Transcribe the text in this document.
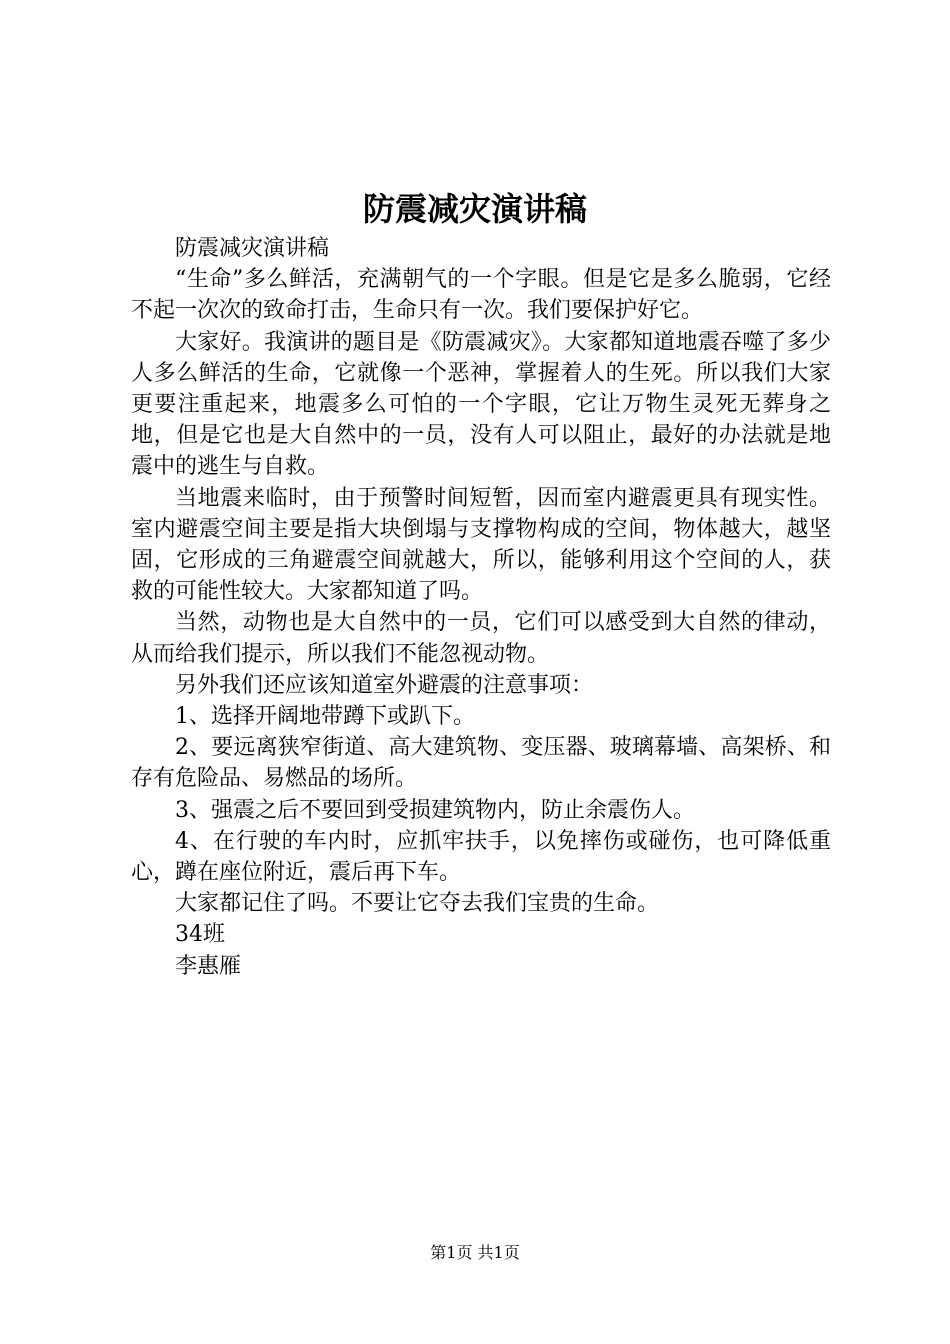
防震减灾演讲稿

防震减灾演讲稿

“生命”多么鲜活，充满朝气的一个字眼。但是它是多么脆弱，它经不起一次次的致命打击，生命只有一次。我们要保护好它。

大家好。我演讲的题目是《防震减灾》。大家都知道地震吞噬了多少人多么鲜活的生命，它就像一个恶神，掌握着人的生死。所以我们大家更要注重起来，地震多么可怕的一个字眼，它让万物生灵死无葬身之地，但是它也是大自然中的一员，没有人可以阻止，最好的办法就是地震中的逃生与自救。

当地震来临时，由于预警时间短暂，因而室内避震更具有现实性。室内避震空间主要是指大块倒塌与支撑物构成的空间，物体越大，越坚固，它形成的三角避震空间就越大，所以，能够利用这个空间的人，获救的可能性较大。大家都知道了吗。

当然，动物也是大自然中的一员，它们可以感受到大自然的律动，从而给我们提示，所以我们不能忽视动物。

另外我们还应该知道室外避震的注意事项：

1、选择开阔地带蹲下或趴下。

2、要远离狭窄街道、高大建筑物、变压器、玻璃幕墙、高架桥、和存有危险品、易燃品的场所。

3、强震之后不要回到受损建筑物内，防止余震伤人。

4、在行驶的车内时，应抓牢扶手，以免摔伤或碰伤，也可降低重心，蹲在座位附近，震后再下车。

大家都记住了吗。不要让它夺去我们宝贵的生命。

34班

李惠雁

第1页 共1页
